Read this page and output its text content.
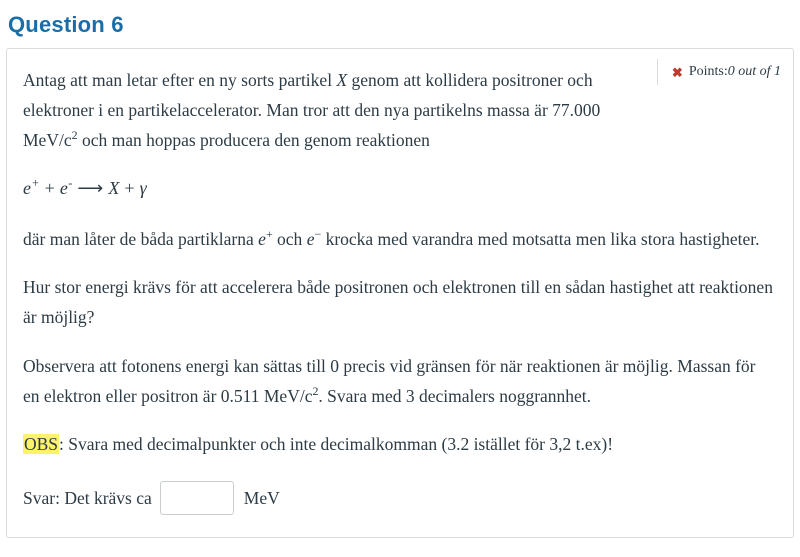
Question 6
✖ Points: 0 out of 1

Antag att man letar efter en ny sorts partikel X genom att kollidera positroner och elektroner i en partikelaccelerator. Man tror att den nya partikelns massa är 77.000 MeV/$c^2$ och man hoppas producera den genom reaktionen

e+ + e- ⟶ X + γ

där man låter de båda partiklarna e+ och e− krocka med varandra med motsatta men lika stora hastigheter.

Hur stor energi krävs för att accelerera både positronen och elektronen till en sådan hastighet att reaktionen är möjlig?

Observera att fotonens energi kan sättas till 0 precis vid gränsen för när reaktionen är möjlig. Massan för en elektron eller positron är 0.511 MeV/$c^2$. Svara med 3 decimalers noggrannhet.

OBS: Svara med decimalpunkter och inte decimalkomman (3.2 istället för 3,2 t.ex)!

Svar: Det krävs ca	MeV
